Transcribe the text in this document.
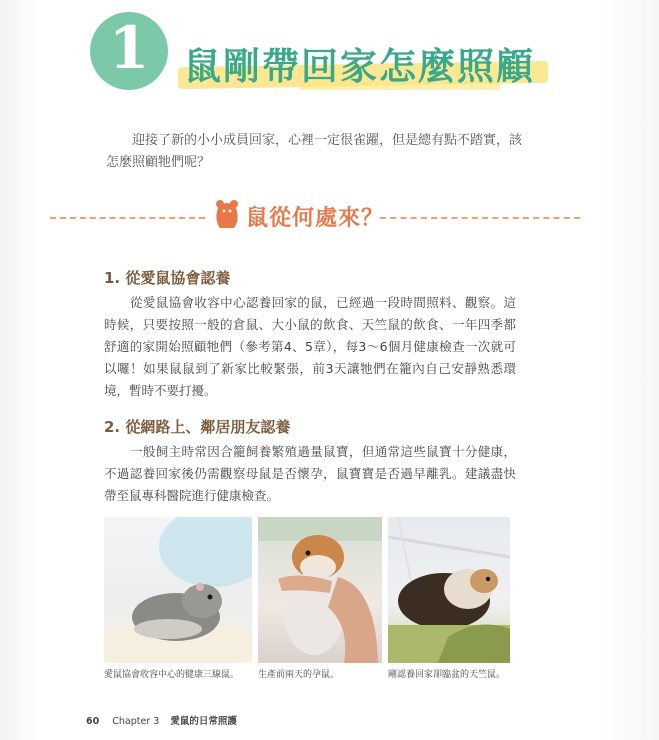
1 鼠剛帶回家怎麼照顧

迎接了新的小小成員回家，心裡一定很雀躍，但是總有點不踏實，該怎麼照顧牠們呢？

鼠從何處來？
1. 從愛鼠協會認養

從愛鼠協會收容中心認養回家的鼠，已經過一段時間照料、觀察。這時候，只要按照一般的倉鼠、大小鼠的飲食、天竺鼠的飲食、一年四季都舒適的家開始照顧牠們（參考第4、5章），每3～6個月健康檢查一次就可以囉！如果鼠鼠到了新家比較緊張，前3天讓牠們在籠內自己安靜熟悉環境，暫時不要打擾。

2. 從網路上、鄰居朋友認養

一般飼主時常因合籠飼養繁殖過量鼠寶，但通常這些鼠寶十分健康，不過認養回家後仍需觀察母鼠是否懷孕，鼠寶寶是否過早離乳。建議盡快帶至鼠專科醫院進行健康檢查。

愛鼠協會收容中心的健康三線鼠。 生產前兩天的孕鼠。	剛認養回家卻臨盆的天竺鼠。
60 Chapter 3 愛鼠的日常照護
